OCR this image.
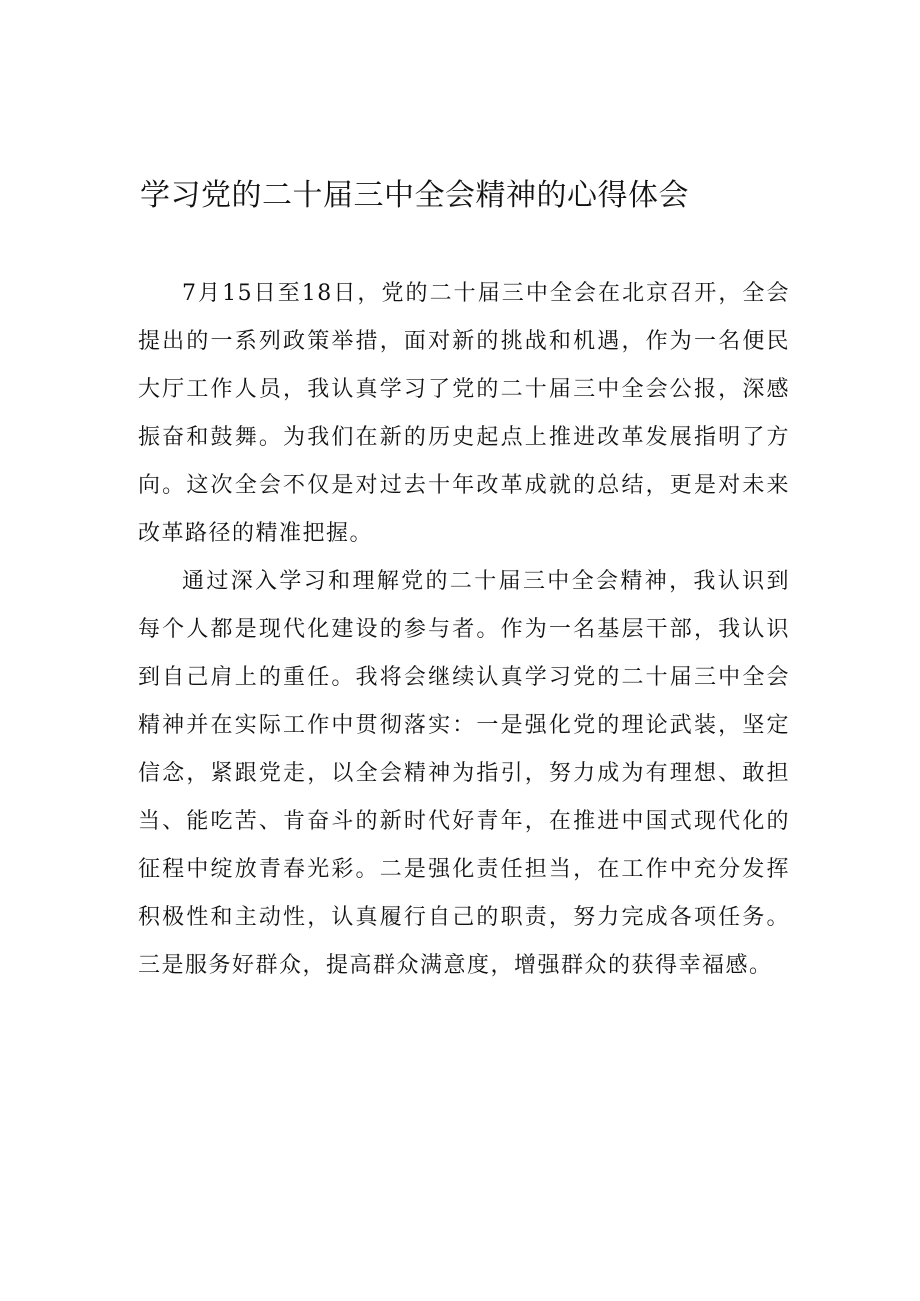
学习党的二十届三中全会精神的心得体会

7月15日至18日，党的二十届三中全会在北京召开，全会提出的一系列政策举措，面对新的挑战和机遇，作为一名便民大厅工作人员，我认真学习了党的二十届三中全会公报，深感振奋和鼓舞。为我们在新的历史起点上推进改革发展指明了方向。这次全会不仅是对过去十年改革成就的总结，更是对未来改革路径的精准把握。

通过深入学习和理解党的二十届三中全会精神，我认识到每个人都是现代化建设的参与者。作为一名基层干部，我认识到自己肩上的重任。我将会继续认真学习党的二十届三中全会精神并在实际工作中贯彻落实：一是强化党的理论武装，坚定信念，紧跟党走，以全会精神为指引，努力成为有理想、敢担当、能吃苦、肯奋斗的新时代好青年，在推进中国式现代化的征程中绽放青春光彩。二是强化责任担当，在工作中充分发挥积极性和主动性，认真履行自己的职责，努力完成各项任务。三是服务好群众，提高群众满意度，增强群众的获得幸福感。
